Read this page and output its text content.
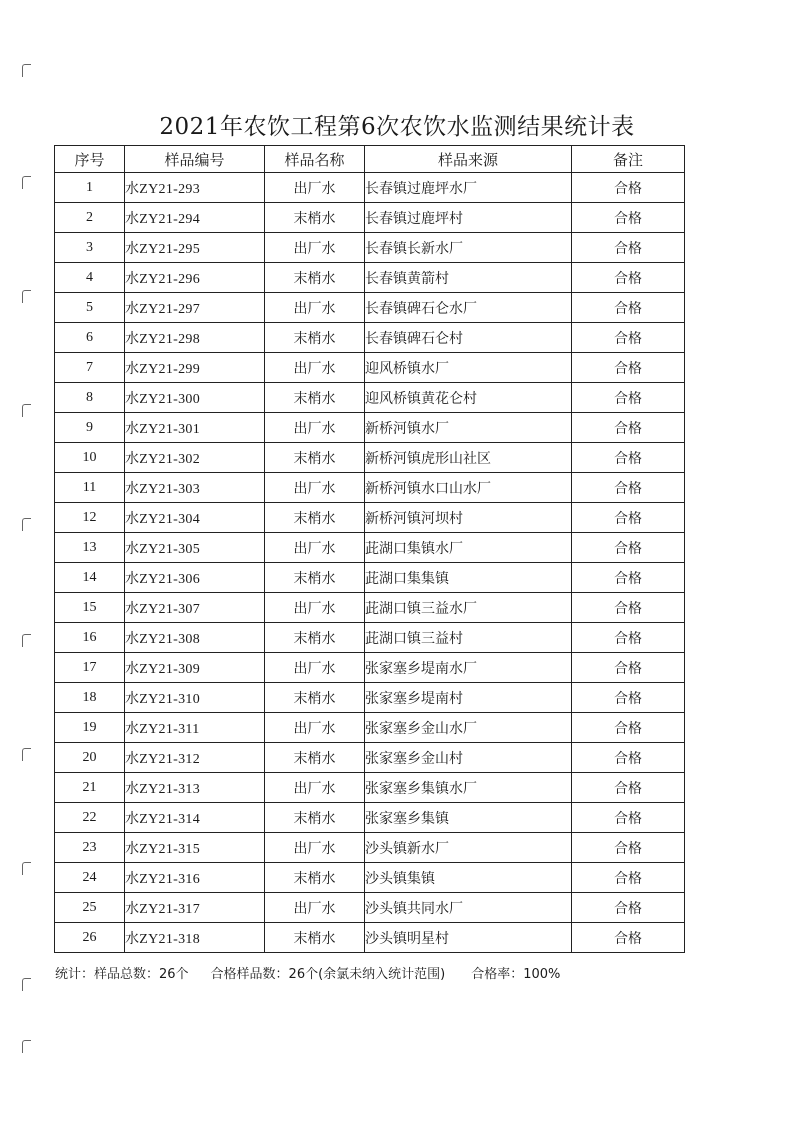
2021年农饮工程第6次农饮水监测结果统计表
序号	样品编号	样品名称	样品来源	备注
1	水ZY21-293	出厂水	长春镇过鹿坪水厂	合格
2	水ZY21-294	末梢水	长春镇过鹿坪村	合格
3	水ZY21-295	出厂水	长春镇长新水厂	合格
4	水ZY21-296	末梢水	长春镇黄箭村	合格
5	水ZY21-297	出厂水	长春镇碑石仑水厂	合格
6	水ZY21-298	末梢水	长春镇碑石仑村	合格
7	水ZY21-299	出厂水	迎风桥镇水厂	合格
8	水ZY21-300	末梢水	迎风桥镇黄花仑村	合格
9	水ZY21-301	出厂水	新桥河镇水厂	合格
10	水ZY21-302	末梢水	新桥河镇虎形山社区	合格
11	水ZY21-303	出厂水	新桥河镇水口山水厂	合格
12	水ZY21-304	末梢水	新桥河镇河坝村	合格
13	水ZY21-305	出厂水	茈湖口集镇水厂	合格
14	水ZY21-306	末梢水	茈湖口集集镇	合格
15	水ZY21-307	出厂水	茈湖口镇三益水厂	合格
16	水ZY21-308	末梢水	茈湖口镇三益村	合格
17	水ZY21-309	出厂水	张家塞乡堤南水厂	合格
18	水ZY21-310	末梢水	张家塞乡堤南村	合格
19	水ZY21-311	出厂水	张家塞乡金山水厂	合格
20	水ZY21-312	末梢水	张家塞乡金山村	合格
21	水ZY21-313	出厂水	张家塞乡集镇水厂	合格
22	水ZY21-314	末梢水	张家塞乡集镇	合格
23	水ZY21-315	出厂水	沙头镇新水厂	合格
24	水ZY21-316	末梢水	沙头镇集镇	合格
25	水ZY21-317	出厂水	沙头镇共同水厂	合格
26	水ZY21-318	末梢水	沙头镇明星村	合格
统计：样品总数：26个 合格样品数：26个(余氯未纳入统计范围) 合格率：100%
